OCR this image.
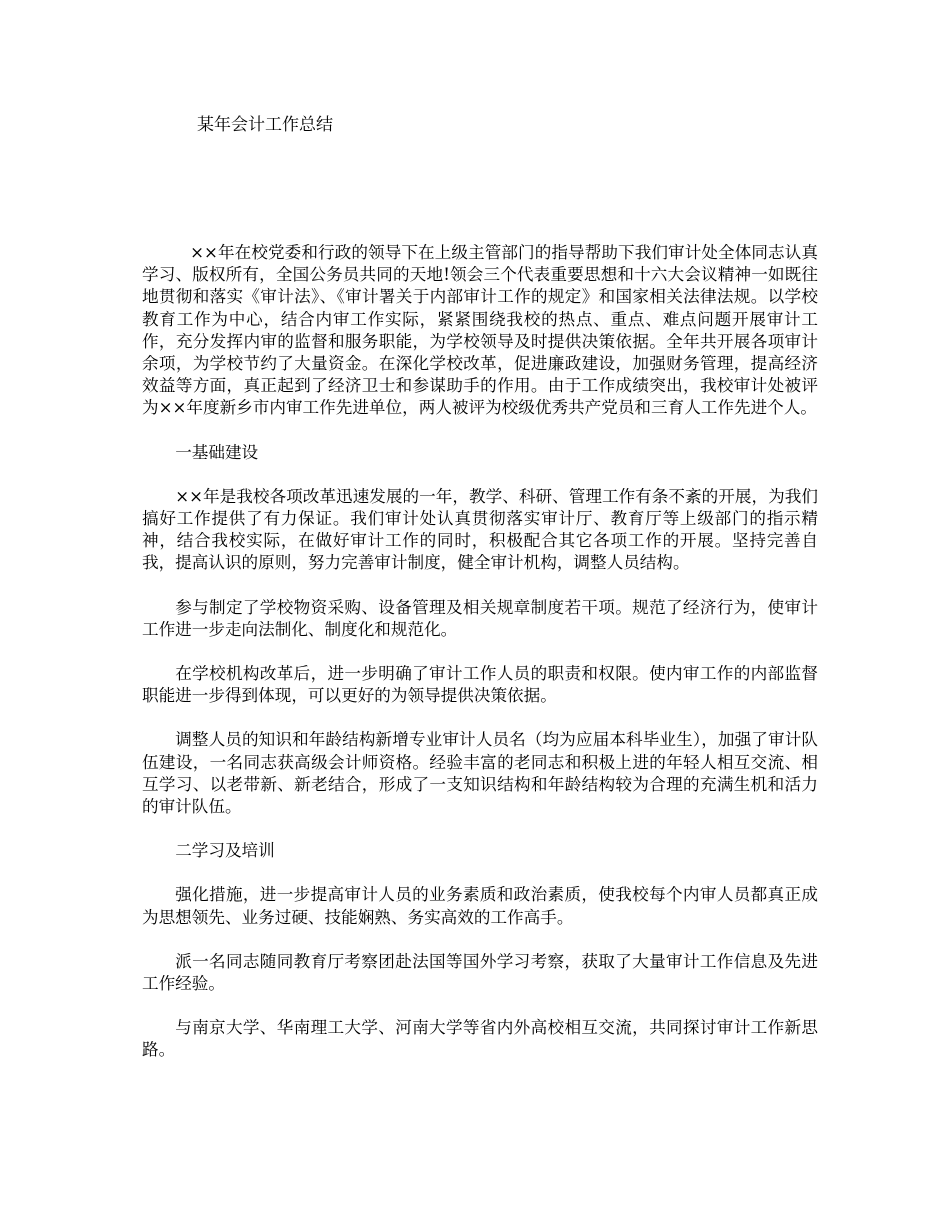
某年会计工作总结

××年在校党委和行政的领导下在上级主管部门的指导帮助下我们审计处全体同志认真学习、版权所有，全国公务员共同的天地!领会三个代表重要思想和十六大会议精神一如既往地贯彻和落实《审计法》、《审计署关于内部审计工作的规定》和国家相关法律法规。以学校教育工作为中心，结合内审工作实际，紧紧围绕我校的热点、重点、难点问题开展审计工作，充分发挥内审的监督和服务职能，为学校领导及时提供决策依据。全年共开展各项审计余项，为学校节约了大量资金。在深化学校改革，促进廉政建设，加强财务管理，提高经济效益等方面，真正起到了经济卫士和参谋助手的作用。由于工作成绩突出，我校审计处被评为××年度新乡市内审工作先进单位，两人被评为校级优秀共产党员和三育人工作先进个人。

一基础建设

××年是我校各项改革迅速发展的一年，教学、科研、管理工作有条不紊的开展，为我们搞好工作提供了有力保证。我们审计处认真贯彻落实审计厅、教育厅等上级部门的指示精神，结合我校实际，在做好审计工作的同时，积极配合其它各项工作的开展。坚持完善自我，提高认识的原则，努力完善审计制度，健全审计机构，调整人员结构。

参与制定了学校物资采购、设备管理及相关规章制度若干项。规范了经济行为，使审计工作进一步走向法制化、制度化和规范化。

在学校机构改革后，进一步明确了审计工作人员的职责和权限。使内审工作的内部监督职能进一步得到体现，可以更好的为领导提供决策依据。

调整人员的知识和年龄结构新增专业审计人员名（均为应届本科毕业生），加强了审计队伍建设，一名同志获高级会计师资格。经验丰富的老同志和积极上进的年轻人相互交流、相互学习、以老带新、新老结合，形成了一支知识结构和年龄结构较为合理的充满生机和活力的审计队伍。

二学习及培训

强化措施，进一步提高审计人员的业务素质和政治素质，使我校每个内审人员都真正成为思想领先、业务过硬、技能娴熟、务实高效的工作高手。

派一名同志随同教育厅考察团赴法国等国外学习考察，获取了大量审计工作信息及先进工作经验。

与南京大学、华南理工大学、河南大学等省内外高校相互交流，共同探讨审计工作新思路。
